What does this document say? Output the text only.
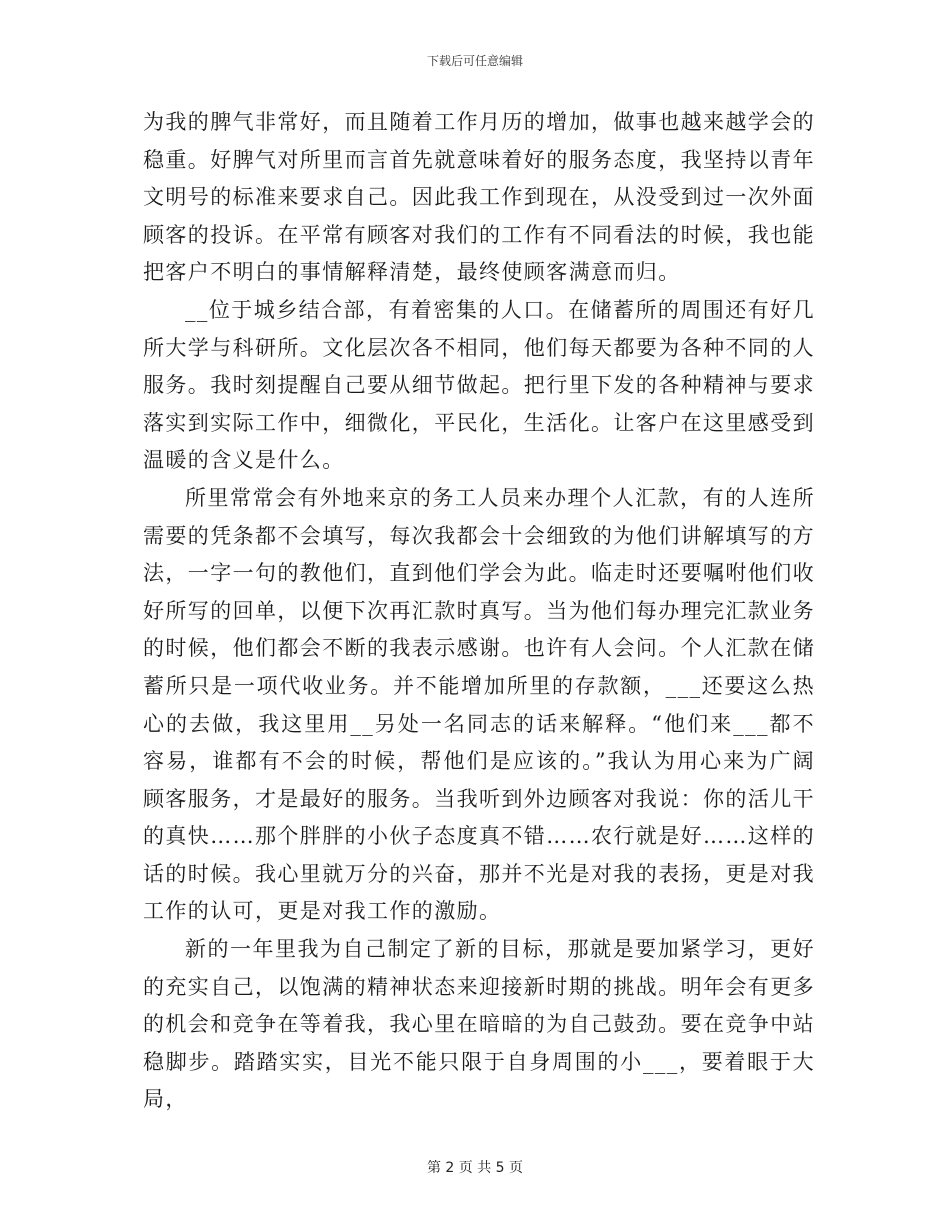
下载后可任意编辑

为我的脾气非常好，而且随着工作月历的增加，做事也越来越学会的稳重。好脾气对所里而言首先就意味着好的服务态度，我坚持以青年文明号的标准来要求自己。因此我工作到现在，从没受到过一次外面顾客的投诉。在平常有顾客对我们的工作有不同看法的时候，我也能把客户不明白的事情解释清楚，最终使顾客满意而归。

__位于城乡结合部，有着密集的人口。在储蓄所的周围还有好几所大学与科研所。文化层次各不相同，他们每天都要为各种不同的人服务。我时刻提醒自己要从细节做起。把行里下发的各种精神与要求落实到实际工作中，细微化，平民化，生活化。让客户在这里感受到温暖的含义是什么。

所里常常会有外地来京的务工人员来办理个人汇款，有的人连所需要的凭条都不会填写，每次我都会十会细致的为他们讲解填写的方法，一字一句的教他们，直到他们学会为此。临走时还要嘱咐他们收好所写的回单，以便下次再汇款时真写。当为他们每办理完汇款业务的时候，他们都会不断的我表示感谢。也许有人会问。个人汇款在储蓄所只是一项代收业务。并不能增加所里的存款额，___还要这么热心的去做，我这里用__另处一名同志的话来解释。“他们来___都不容易，谁都有不会的时候，帮他们是应该的。”我认为用心来为广阔顾客服务，才是最好的服务。当我听到外边顾客对我说：你的活儿干的真快……那个胖胖的小伙子态度真不错……农行就是好……这样的话的时候。我心里就万分的兴奋，那并不光是对我的表扬，更是对我工作的认可，更是对我工作的激励。

新的一年里我为自己制定了新的目标，那就是要加紧学习，更好的充实自己，以饱满的精神状态来迎接新时期的挑战。明年会有更多的机会和竞争在等着我，我心里在暗暗的为自己鼓劲。要在竞争中站稳脚步。踏踏实实，目光不能只限于自身周围的小___，要着眼于大局，

第 2 页 共 5 页
